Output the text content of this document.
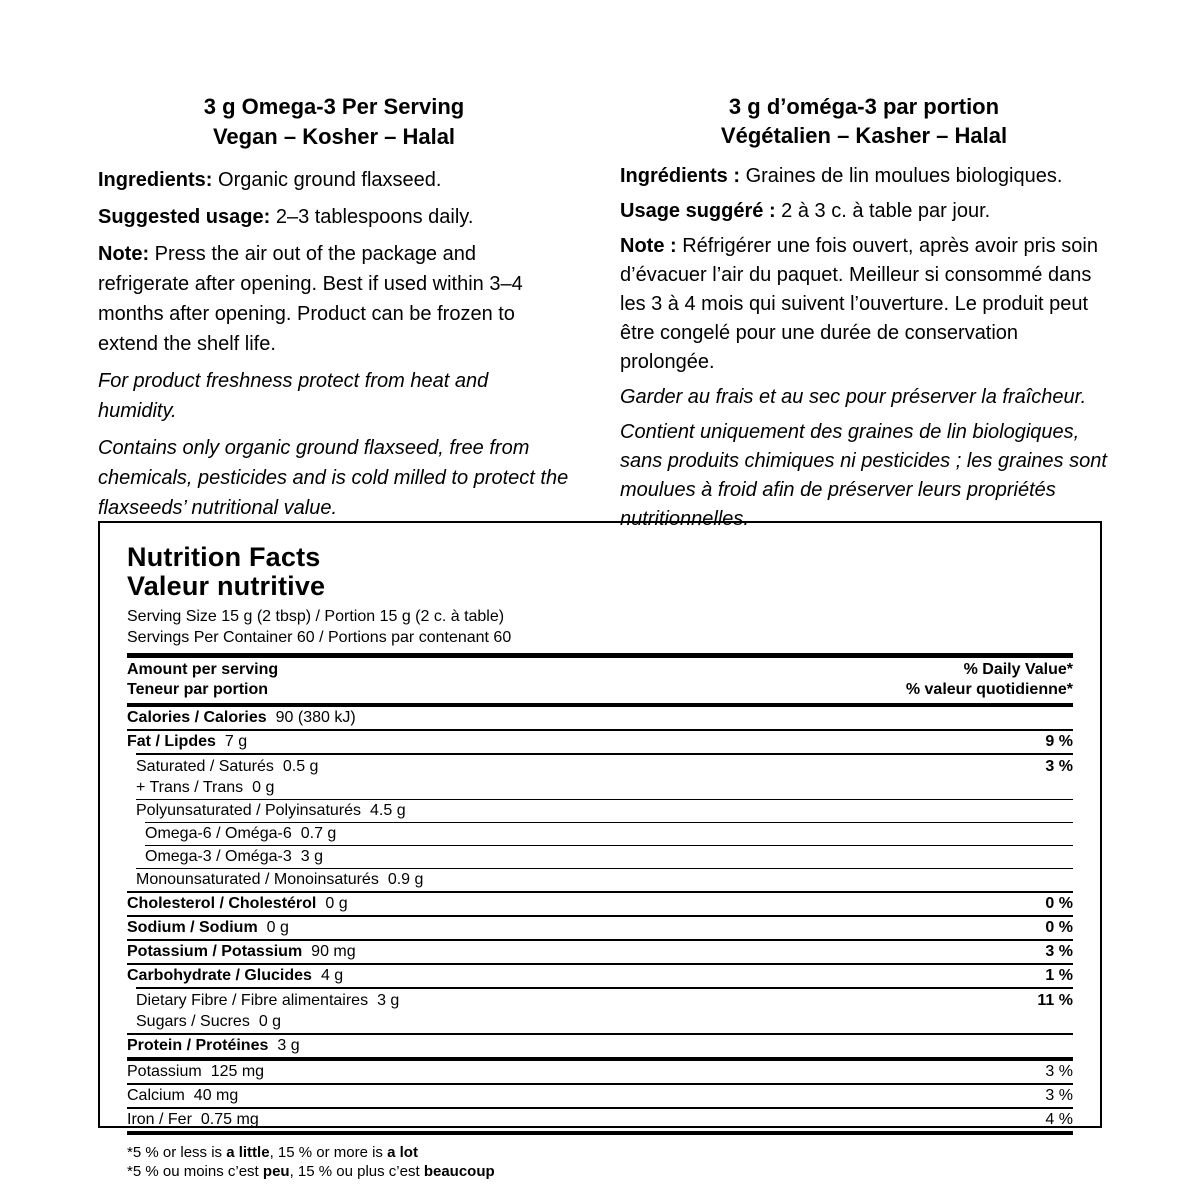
3 g Omega-3 Per Serving
Vegan – Kosher – Halal

Ingredients: Organic ground flaxseed.

Suggested usage: 2–3 tablespoons daily.

Note: Press the air out of the package and refrigerate after opening. Best if used within 3–4 months after opening. Product can be frozen to extend the shelf life.

For product freshness protect from heat and humidity.

Contains only organic ground flaxseed, free from chemicals, pesticides and is cold milled to protect the flaxseeds’ nutritional value.

3 g d’oméga-3 par portion
Végétalien – Kasher – Halal

Ingrédients : Graines de lin moulues biologiques.

Usage suggéré : 2 à 3 c. à table par jour.

Note : Réfrigérer une fois ouvert, après avoir pris soin d’évacuer l’air du paquet. Meilleur si consommé dans les 3 à 4 mois qui suivent l’ouverture. Le produit peut être congelé pour une durée de conservation prolongée.

Garder au frais et au sec pour préserver la fraîcheur.

Contient uniquement des graines de lin biologiques, sans produits chimiques ni pesticides ; les graines sont moulues à froid afin de préserver leurs propriétés nutritionnelles.

Nutrition Facts
Valeur nutritive
Serving Size 15 g (2 tbsp) / Portion 15 g (2 c. à table)
Servings Per Container 60 / Portions par contenant 60
Amount per serving
Teneur par portion
% Daily Value*
% valeur quotidienne*
Calories / Calories 90 (380 kJ)
Fat / Lipdes 7 g	9 %
Saturated / Saturés 0.5 g	3 %
+ Trans / Trans 0 g
Polyunsaturated / Polyinsaturés 4.5 g
Omega-6 / Oméga-6 0.7 g
Omega-3 / Oméga-3 3 g
Monounsaturated / Monoinsaturés 0.9 g
Cholesterol / Cholestérol 0 g	0 %
Sodium / Sodium 0 g	0 %
Potassium / Potassium 90 mg	3 %
Carbohydrate / Glucides 4 g	1 %
Dietary Fibre / Fibre alimentaires 3 g	11 %
Sugars / Sucres 0 g
Protein / Protéines 3 g
Potassium 125 mg	3 %
Calcium 40 mg	3 %
Iron / Fer 0.75 mg	4 %
*5 % or less is a little, 15 % or more is a lot
*5 % ou moins c’est peu, 15 % ou plus c’est beaucoup
